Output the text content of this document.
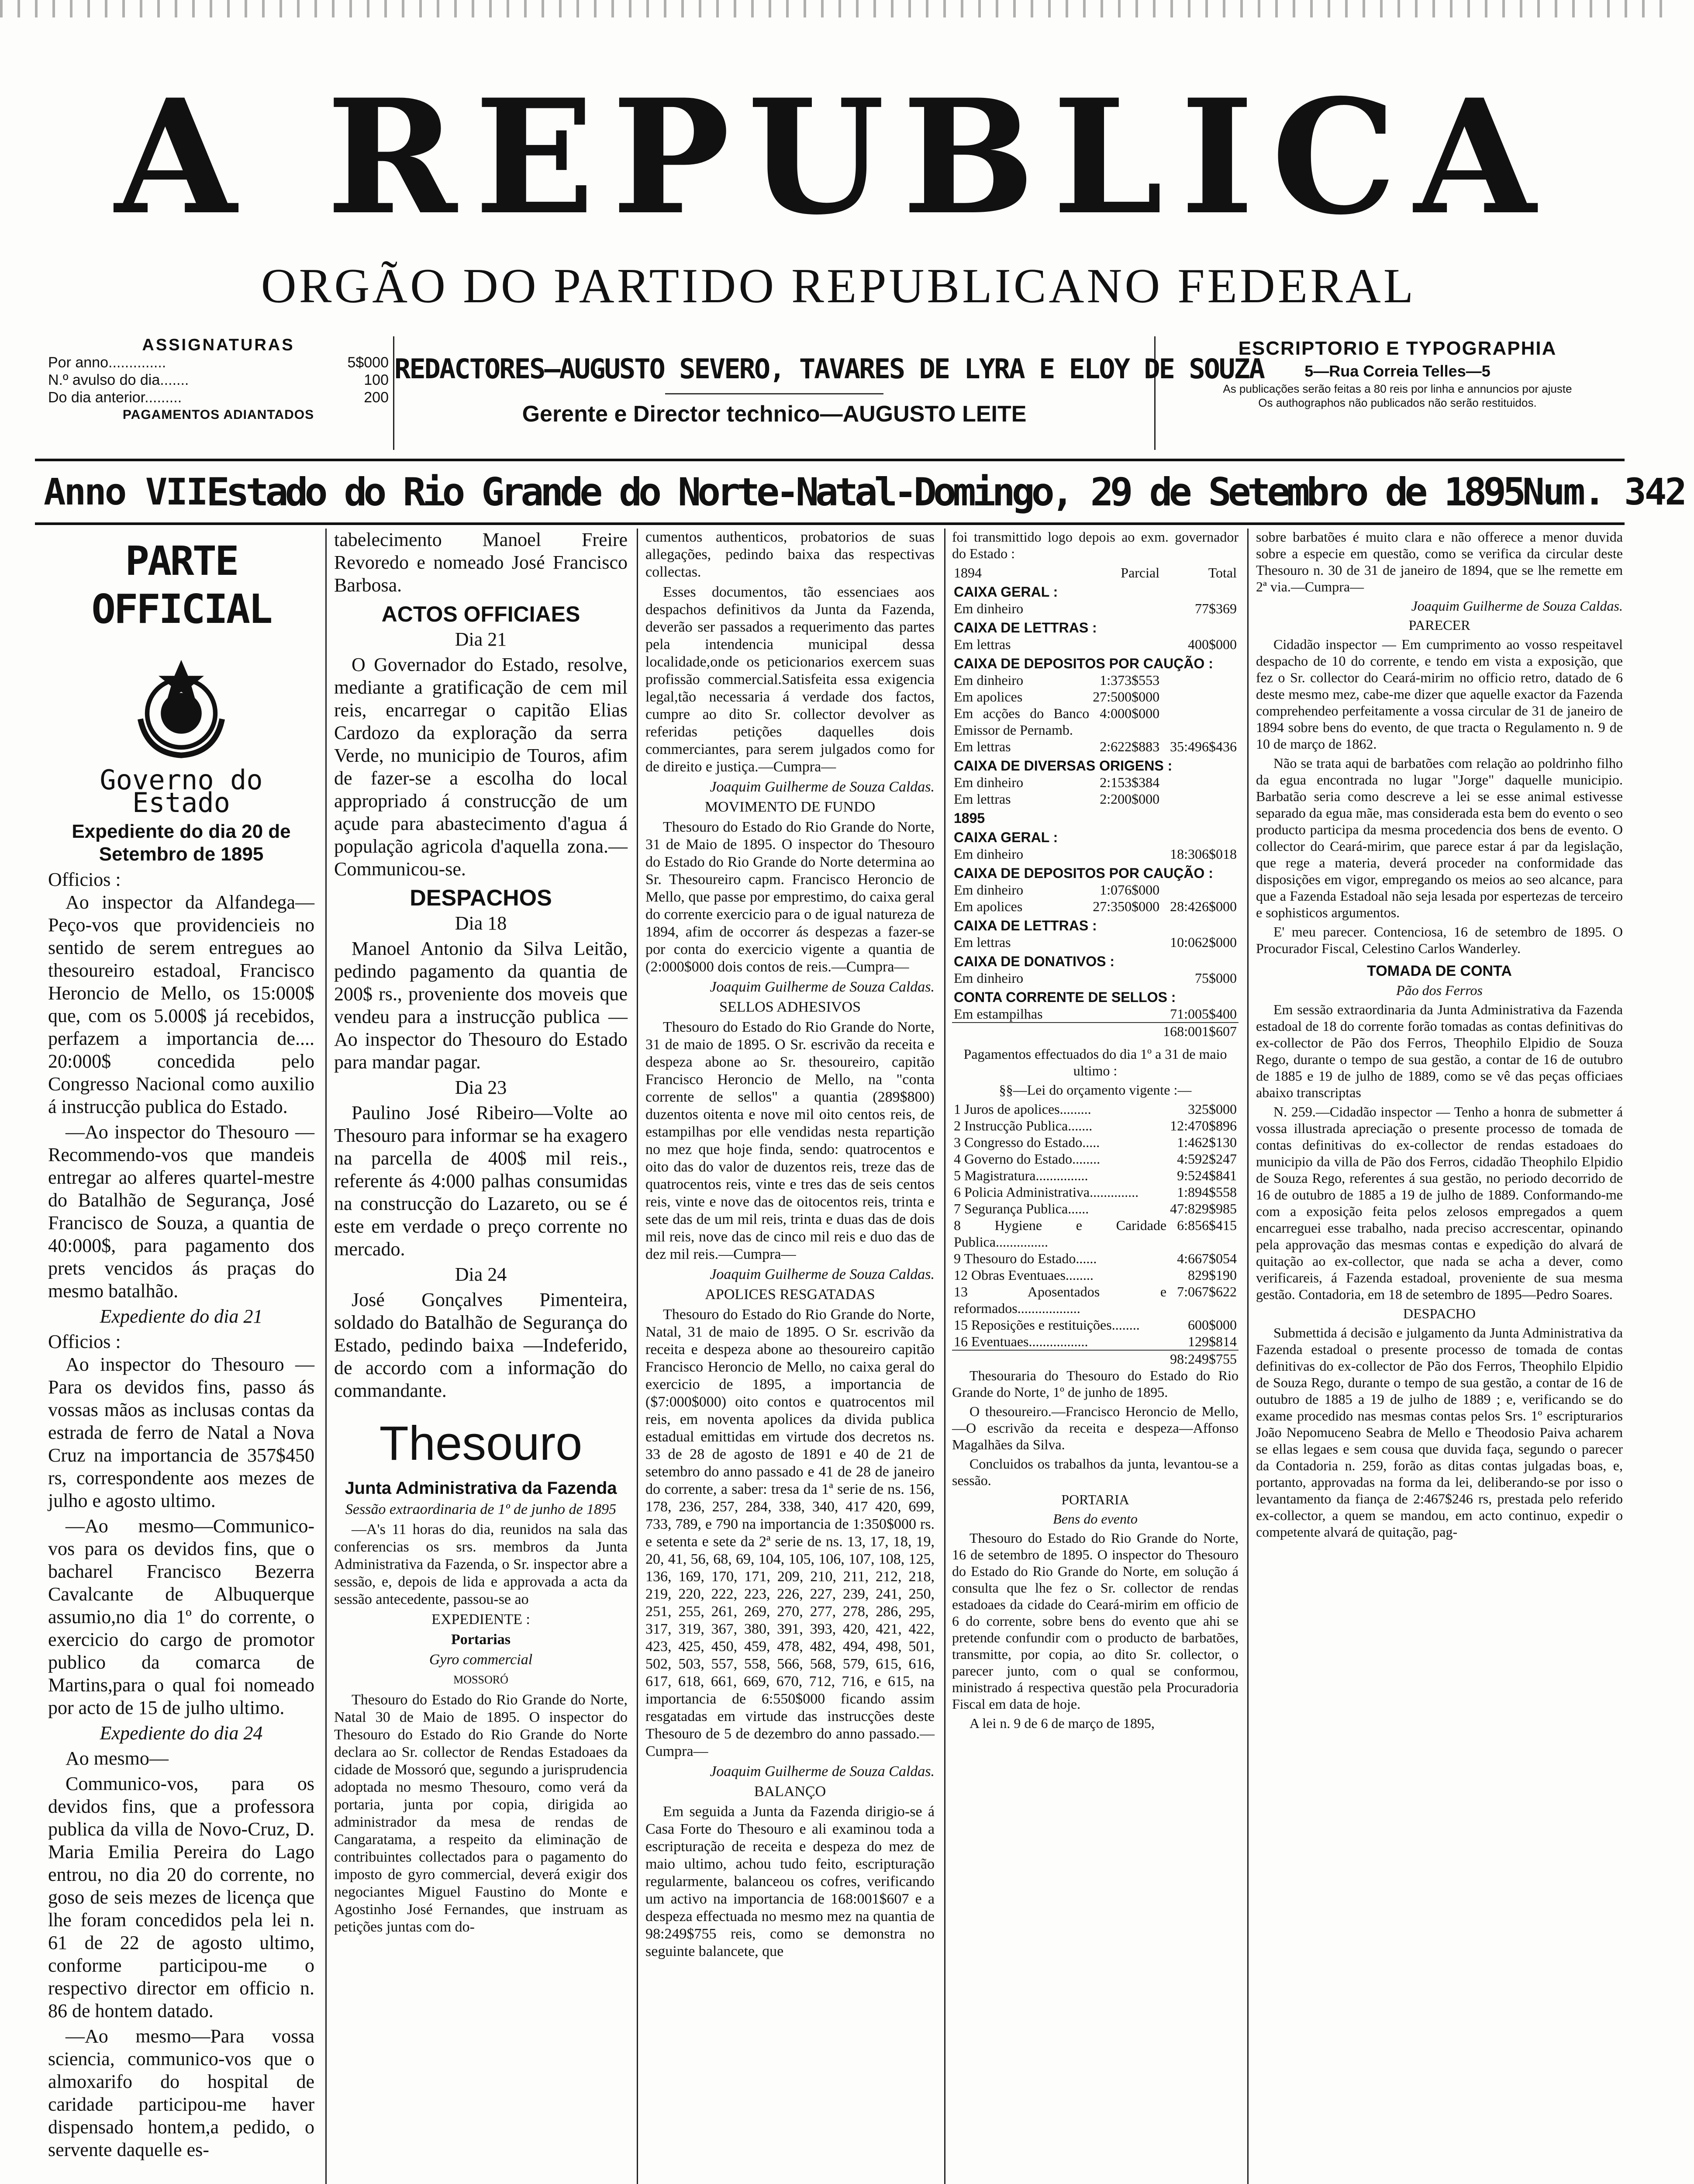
A REPUBLICA
ORGÃO DO PARTIDO REPUBLICANO FEDERAL
ASSIGNATURAS
Por anno..............	5$000
N.º avulso do dia.......	100
Do dia anterior.........	200
PAGAMENTOS ADIANTADOS
REDACTORES—AUGUSTO SEVERO, TAVARES DE LYRA E ELOY DE SOUZA
Gerente e Director technico—AUGUSTO LEITE
ESCRIPTORIO E TYPOGRAPHIA
5—Rua Correia Telles—5
As publicações serão feitas a 80 reis por linha e annuncios por ajuste
Os authographos não publicados não serão restituidos.
Anno VII Estado do Rio Grande do Norte-Natal-Domingo, 29 de Setembro de 1895 Num. 342
PARTE OFFICIAL
Governo do Estado
Expediente do dia 20 de Setembro de 1895
Officios :

Ao inspector da Alfandega—Peço-vos que providencieis no sentido de serem entregues ao thesoureiro estadoal, Francisco Heroncio de Mello, os 15:000$ que, com os 5.000$ já recebidos, perfazem a importancia de.... 20:000$ concedida pelo Congresso Nacional como auxilio á instrucção publica do Estado.

—Ao inspector do Thesouro — Recommendo-vos que mandeis entregar ao alferes quartel-mestre do Batalhão de Segurança, José Francisco de Souza, a quantia de 40:000$, para pagamento dos prets vencidos ás praças do mesmo batalhão.

Expediente do dia 21
Officios :

Ao inspector do Thesouro —Para os devidos fins, passo ás vossas mãos as inclusas contas da estrada de ferro de Natal a Nova Cruz na importancia de 357$450 rs, correspondente aos mezes de julho e agosto ultimo.

—Ao mesmo—Communico-vos para os devidos fins, que o bacharel Francisco Bezerra Cavalcante de Albuquerque assumio,no dia 1º do corrente, o exercicio do cargo de promotor publico da comarca de Martins,para o qual foi nomeado por acto de 15 de julho ultimo.

Expediente do dia 24

Ao mesmo—

Communico-vos, para os devidos fins, que a professora publica da villa de Novo-Cruz, D. Maria Emilia Pereira do Lago entrou, no dia 20 do corrente, no goso de seis mezes de licença que lhe foram concedidos pela lei n. 61 de 22 de agosto ultimo, conforme participou-me o respectivo director em officio n. 86 de hontem datado.

—Ao mesmo—Para vossa sciencia, communico-vos que o almoxarifo do hospital de caridade participou-me haver dispensado hontem,a pedido, o servente daquelle es-

tabelecimento Manoel Freire Revoredo e nomeado José Francisco Barbosa.

ACTOS OFFICIAES
Dia 21

O Governador do Estado, resolve, mediante a gratificação de cem mil reis, encarregar o capitão Elias Cardozo da exploração da serra Verde, no municipio de Touros, afim de fazer-se a escolha do local appropriado á construcção de um açude para abastecimento d'agua á população agricola d'aquella zona.—Communicou-se.

DESPACHOS
Dia 18

Manoel Antonio da Silva Leitão, pedindo pagamento da quantia de 200$ rs., proveniente dos moveis que vendeu para a instrucção publica — Ao inspector do Thesouro do Estado para mandar pagar.

Dia 23

Paulino José Ribeiro—Volte ao Thesouro para informar se ha exagero na parcella de 400$ mil reis., referente ás 4:000 palhas consumidas na construcção do Lazareto, ou se é este em verdade o preço corrente no mercado.

Dia 24

José Gonçalves Pimenteira, soldado do Batalhão de Segurança do Estado, pedindo baixa —Indeferido, de accordo com a informação do commandante.

Thesouro
Junta Administrativa da Fazenda
Sessão extraordinaria de 1º de junho de 1895

—A's 11 horas do dia, reunidos na sala das conferencias os srs. membros da Junta Administrativa da Fazenda, o Sr. inspector abre a sessão, e, depois de lida e approvada a acta da sessão antecedente, passou-se ao

EXPEDIENTE :
Portarias
Gyro commercial
MOSSORÓ

Thesouro do Estado do Rio Grande do Norte, Natal 30 de Maio de 1895. O inspector do Thesouro do Estado do Rio Grande do Norte declara ao Sr. collector de Rendas Estadoaes da cidade de Mossoró que, segundo a jurisprudencia adoptada no mesmo Thesouro, como verá da portaria, junta por copia, dirigida ao administrador da mesa de rendas de Cangaratama, a respeito da eliminação de contribuintes collectados para o pagamento do imposto de gyro commercial, deverá exigir dos negociantes Miguel Faustino do Monte e Agostinho José Fernandes, que instruam as petições juntas com do-

cumentos authenticos, probatorios de suas allegações, pedindo baixa das respectivas collectas.

Esses documentos, tão essenciaes aos despachos definitivos da Junta da Fazenda, deverão ser passados a requerimento das partes pela intendencia municipal dessa localidade,onde os peticionarios exercem suas profissão commercial.Satisfeita essa exigencia legal,tão necessaria á verdade dos factos, cumpre ao dito Sr. collector devolver as referidas petições daquelles dois commerciantes, para serem julgados como for de direito e justiça.—Cumpra—

Joaquim Guilherme de Souza Caldas.
MOVIMENTO DE FUNDO

Thesouro do Estado do Rio Grande do Norte, 31 de Maio de 1895. O inspector do Thesouro do Estado do Rio Grande do Norte determina ao Sr. Thesoureiro capm. Francisco Heroncio de Mello, que passe por emprestimo, do caixa geral do corrente exercicio para o de igual natureza de 1894, afim de occorrer ás despezas a fazer-se por conta do exercicio vigente a quantia de (2:000$000 dois contos de reis.—Cumpra—

Joaquim Guilherme de Souza Caldas.
SELLOS ADHESIVOS

Thesouro do Estado do Rio Grande do Norte, 31 de maio de 1895. O Sr. escrivão da receita e despeza abone ao Sr. thesoureiro, capitão Francisco Heroncio de Mello, na "conta corrente de sellos" a quantia (289$800) duzentos oitenta e nove mil oito centos reis, de estampilhas por elle vendidas nesta repartição no mez que hoje finda, sendo: quatrocentos e oito das do valor de duzentos reis, treze das de quatrocentos reis, vinte e tres das de seis centos reis, vinte e nove das de oitocentos reis, trinta e sete das de um mil reis, trinta e duas das de dois mil reis, nove das de cinco mil reis e duo das de dez mil reis.—Cumpra—

Joaquim Guilherme de Souza Caldas.
APOLICES RESGATADAS

Thesouro do Estado do Rio Grande do Norte, Natal, 31 de maio de 1895. O Sr. escrivão da receita e despeza abone ao thesoureiro capitão Francisco Heroncio de Mello, no caixa geral do exercicio de 1895, a importancia de ($7:000$000) oito contos e quatrocentos mil reis, em noventa apolices da divida publica estadual emittidas em virtude dos decretos ns. 33 de 28 de agosto de 1891 e 40 de 21 de setembro do anno passado e 41 de 28 de janeiro do corrente, a saber: tresa da 1ª serie de ns. 156, 178, 236, 257, 284, 338, 340, 417 420, 699, 733, 789, e 790 na importancia de 1:350$000 rs. e setenta e sete da 2ª serie de ns. 13, 17, 18, 19, 20, 41, 56, 68, 69, 104, 105, 106, 107, 108, 125, 136, 169, 170, 171, 209, 210, 211, 212, 218, 219, 220, 222, 223, 226, 227, 239, 241, 250, 251, 255, 261, 269, 270, 277, 278, 286, 295, 317, 319, 367, 380, 391, 393, 420, 421, 422, 423, 425, 450, 459, 478, 482, 494, 498, 501, 502, 503, 557, 558, 566, 568, 579, 615, 616, 617, 618, 661, 669, 670, 712, 716, e 615, na importancia de 6:550$000 ficando assim resgatadas em virtude das instrucções deste Thesouro de 5 de dezembro do anno passado.—Cumpra—

Joaquim Guilherme de Souza Caldas.
BALANÇO

Em seguida a Junta da Fazenda dirigio-se á Casa Forte do Thesouro e ali examinou toda a escripturação de receita e despeza do mez de maio ultimo, achou tudo feito, escripturação regularmente, balanceou os cofres, verificando um activo na importancia de 168:001$607 e a despeza effectuada no mesmo mez na quantia de 98:249$755 reis, como se demonstra no seguinte balancete, que

foi transmittido logo depois ao exm. governador do Estado :

1894	Parcial	Total
CAIXA GERAL :		
Em dinheiro		77$369
CAIXA DE LETTRAS :		
Em lettras		400$000
CAIXA DE DEPOSITOS POR CAUÇÃO :		
Em dinheiro	1:373$553	
Em apolices	27:500$000	
Em acções do Banco Emissor de Pernamb.	4:000$000	
Em lettras	2:622$883	35:496$436
CAIXA DE DIVERSAS ORIGENS :		
Em dinheiro	2:153$384	
Em lettras	2:200$000	
1895		
CAIXA GERAL :		
Em dinheiro		18:306$018
CAIXA DE DEPOSITOS POR CAUÇÃO :		
Em dinheiro	1:076$000	
Em apolices	27:350$000	28:426$000
CAIXA DE LETTRAS :		
Em lettras		10:062$000
CAIXA DE DONATIVOS :		
Em dinheiro		75$000
CONTA CORRENTE DE SELLOS :		
Em estampilhas		71:005$400
		168:001$607
Pagamentos effectuados do dia 1º a 31 de maio ultimo :
§§—Lei do orçamento vigente :—
1 Juros de apolices.........	325$000
2 Instrucção Publica.......	12:470$896
3 Congresso do Estado.....	1:462$130
4 Governo do Estado........	4:592$247
5 Magistratura...............	9:524$841
6 Policia Administrativa..............	1:894$558
7 Segurança Publica......	47:829$985
8 Hygiene e Caridade Publica...............	6:856$415
9 Thesouro do Estado......	4:667$054
12 Obras Eventuaes........	829$190
13 Aposentados e reformados..................	7:067$622
15 Reposições e restituições........	600$000
16 Eventuaes.................	129$814
	98:249$755

Thesouraria do Thesouro do Estado do Rio Grande do Norte, 1º de junho de 1895.

O thesoureiro.—Francisco Heroncio de Mello,—O escrivão da receita e despeza—Affonso Magalhães da Silva.

Concluidos os trabalhos da junta, levantou-se a sessão.

PORTARIA
Bens do evento

Thesouro do Estado do Rio Grande do Norte, 16 de setembro de 1895. O inspector do Thesouro do Estado do Rio Grande do Norte, em solução á consulta que lhe fez o Sr. collector de rendas estadoaes da cidade do Ceará-mirim em officio de 6 do corrente, sobre bens do evento que ahi se pretende confundir com o producto de barbatões, transmitte, por copia, ao dito Sr. collector, o parecer junto, com o qual se conformou, ministrado á respectiva questão pela Procuradoria Fiscal em data de hoje.

A lei n. 9 de 6 de março de 1895,

sobre barbatões é muito clara e não offerece a menor duvida sobre a especie em questão, como se verifica da circular deste Thesouro n. 30 de 31 de janeiro de 1894, que se lhe remette em 2ª via.—Cumpra—

Joaquim Guilherme de Souza Caldas.
PARECER

Cidadão inspector — Em cumprimento ao vosso respeitavel despacho de 10 do corrente, e tendo em vista a exposição, que fez o Sr. collector do Ceará-mirim no officio retro, datado de 6 deste mesmo mez, cabe-me dizer que aquelle exactor da Fazenda comprehendeo perfeitamente a vossa circular de 31 de janeiro de 1894 sobre bens do evento, de que tracta o Regulamento n. 9 de 10 de março de 1862.

Não se trata aqui de barbatões com relação ao poldrinho filho da egua encontrada no lugar "Jorge" daquelle municipio. Barbatão seria como descreve a lei se esse animal estivesse separado da egua mãe, mas considerada esta bem do evento o seo producto participa da mesma procedencia dos bens de evento. O collector do Ceará-mirim, que parece estar á par da legislação, que rege a materia, deverá proceder na conformidade das disposições em vigor, empregando os meios ao seo alcance, para que a Fazenda Estadoal não seja lesada por espertezas de terceiro e sophisticos argumentos.

E' meu parecer. Contenciosa, 16 de setembro de 1895. O Procurador Fiscal, Celestino Carlos Wanderley.

TOMADA DE CONTA
Pão dos Ferros

Em sessão extraordinaria da Junta Administrativa da Fazenda estadoal de 18 do corrente forão tomadas as contas definitivas do ex-collector de Pão dos Ferros, Theophilo Elpidio de Souza Rego, durante o tempo de sua gestão, a contar de 16 de outubro de 1885 e 19 de julho de 1889, como se vê das peças officiaes abaixo transcriptas

N. 259.—Cidadão inspector — Tenho a honra de submetter á vossa illustrada apreciação o presente processo de tomada de contas definitivas do ex-collector de rendas estadoaes do municipio da villa de Pão dos Ferros, cidadão Theophilo Elpidio de Souza Rego, referentes á sua gestão, no periodo decorrido de 16 de outubro de 1885 a 19 de julho de 1889. Conformando-me com a exposição feita pelos zelosos empregados a quem encarreguei esse trabalho, nada preciso accrescentar, opinando pela approvação das mesmas contas e expedição do alvará de quitação ao ex-collector, que nada se acha a dever, como verificareis, á Fazenda estadoal, proveniente de sua mesma gestão. Contadoria, em 18 de setembro de 1895—Pedro Soares.

DESPACHO

Submettida á decisão e julgamento da Junta Administrativa da Fazenda estadoal o presente processo de tomada de contas definitivas do ex-collector de Pão dos Ferros, Theophilo Elpidio de Souza Rego, durante o tempo de sua gestão, a contar de 16 de outubro de 1885 a 19 de julho de 1889 ; e, verificando se do exame procedido nas mesmas contas pelos Srs. 1º escripturarios João Nepomuceno Seabra de Mello e Theodosio Paiva acharem se ellas legaes e sem cousa que duvida faça, segundo o parecer da Contadoria n. 259, forão as ditas contas julgadas boas, e, portanto, approvadas na forma da lei, deliberando-se por isso o levantamento da fiança de 2:467$246 rs, prestada pelo referido ex-collector, a quem se mandou, em acto continuo, expedir o competente alvará de quitação, pag-
